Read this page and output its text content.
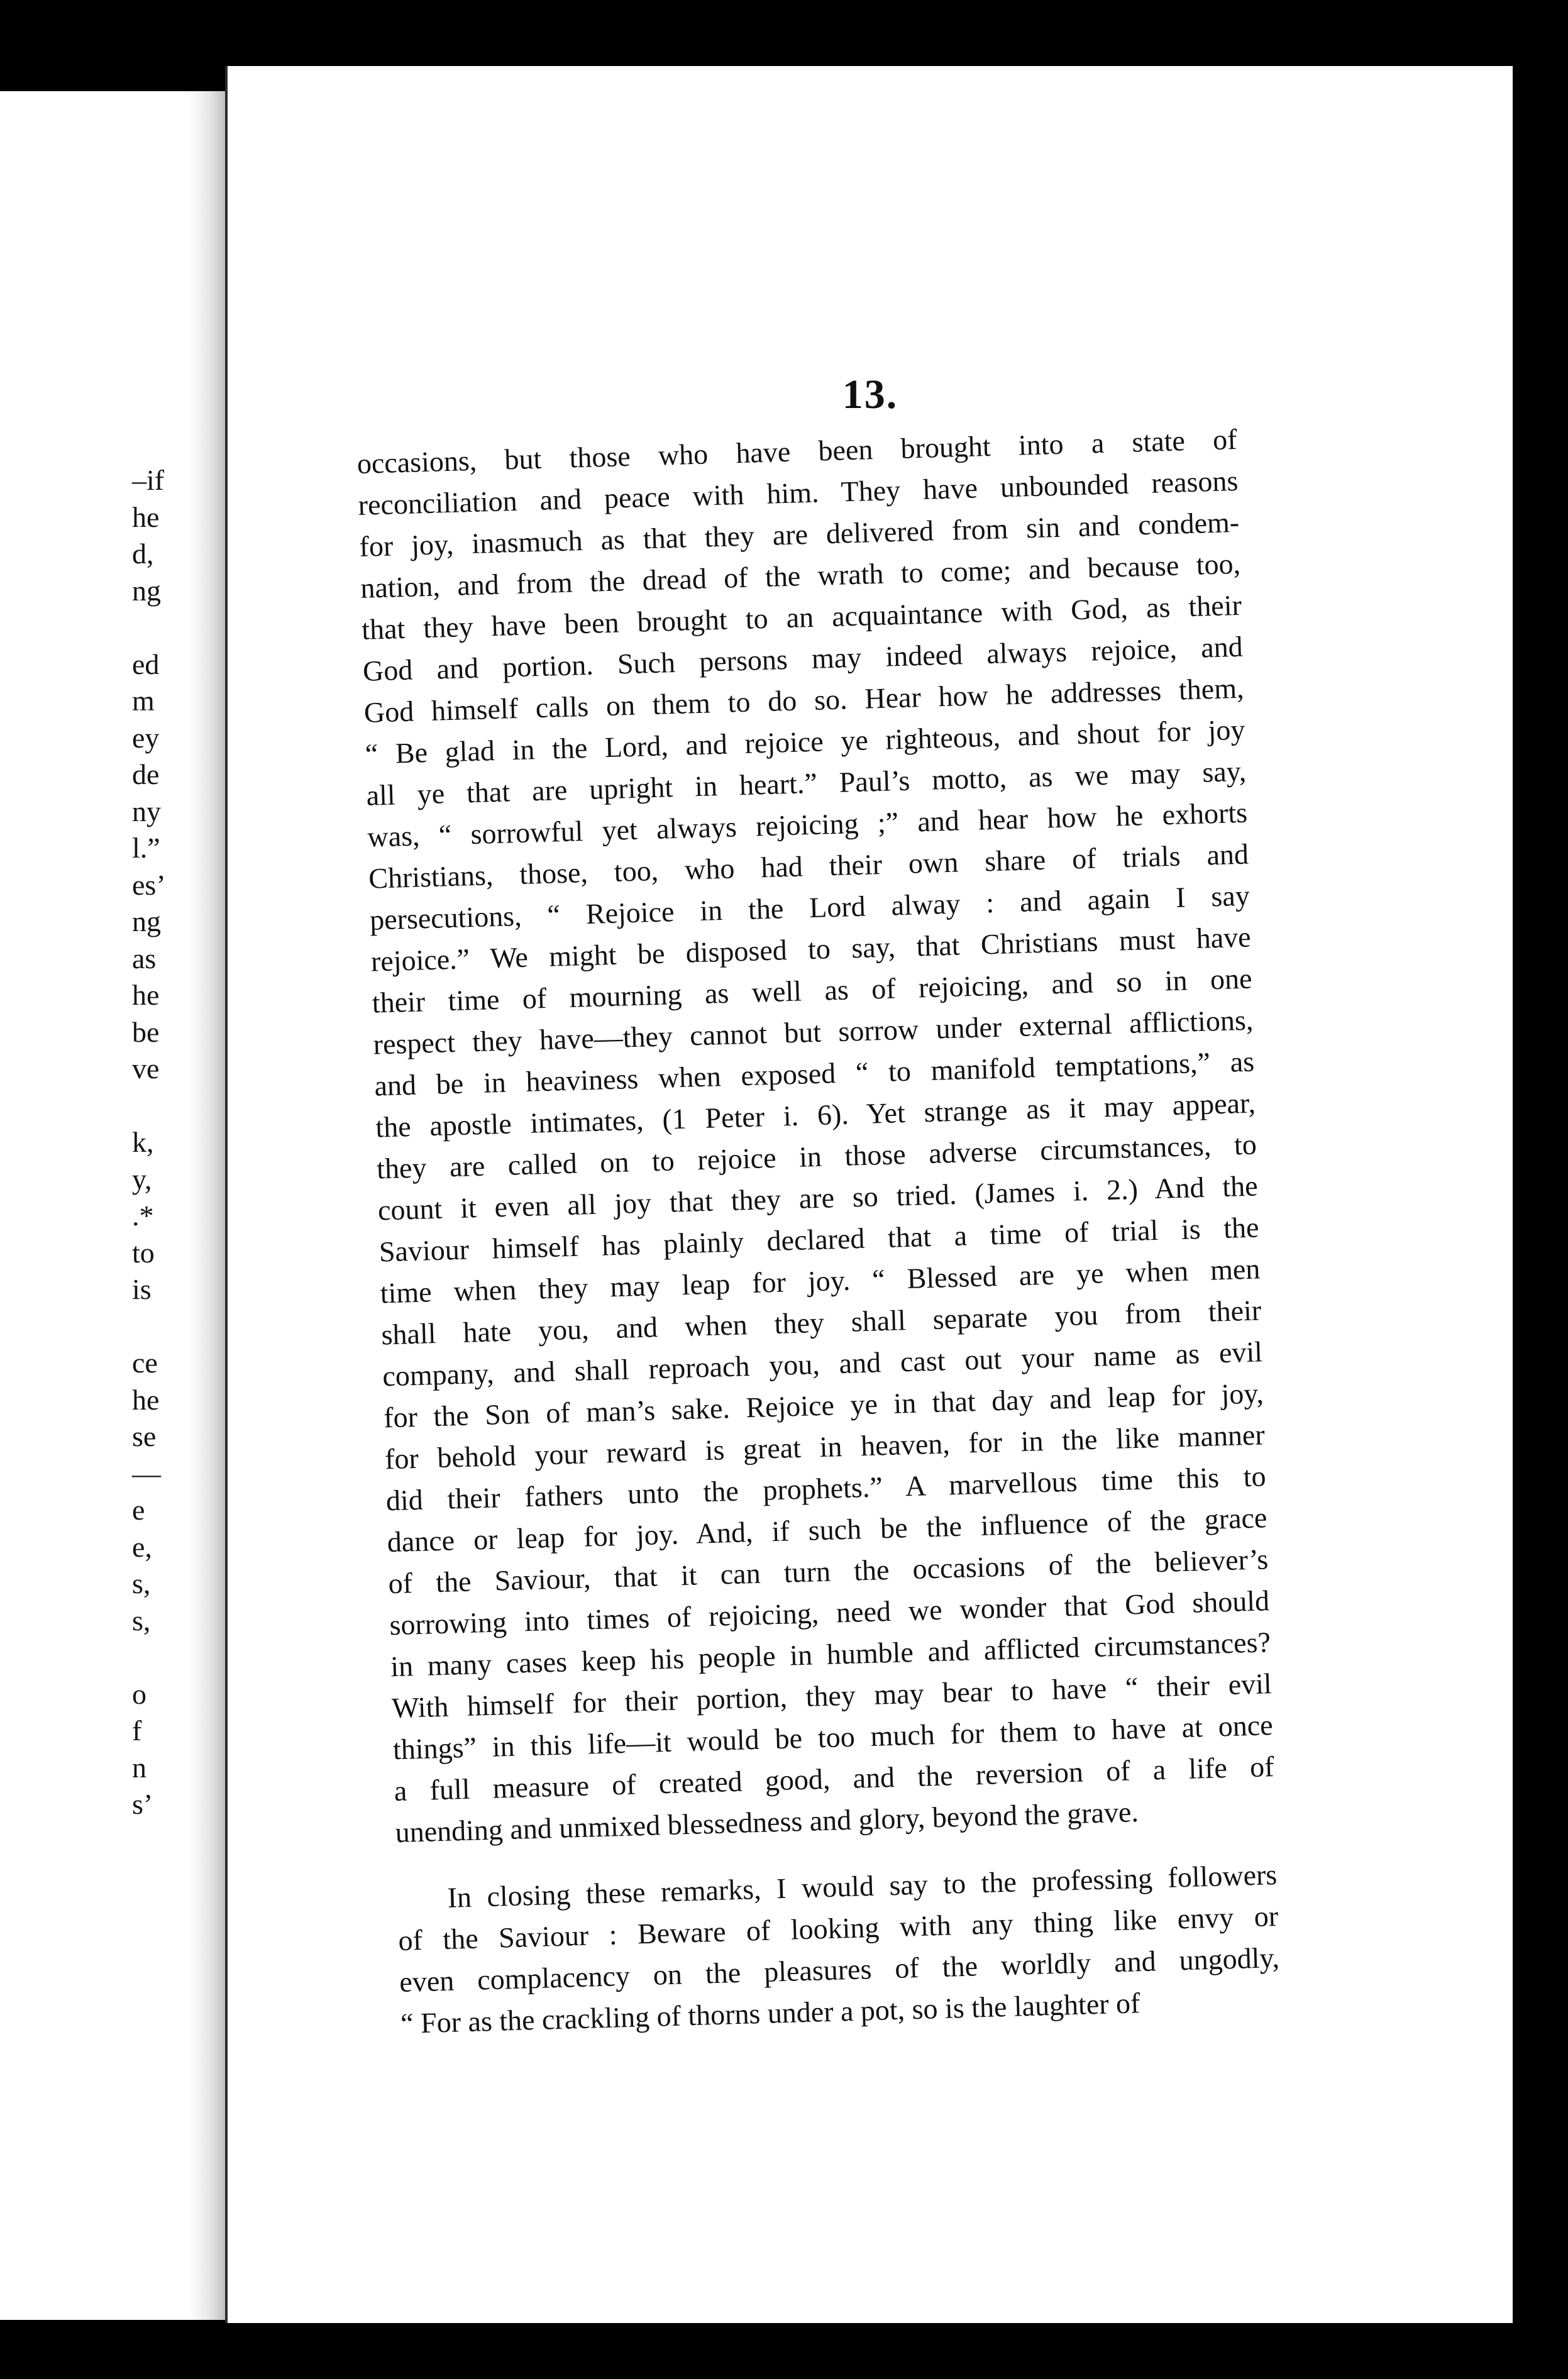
–if
he
d,
ng
ed
m
ey
de
ny
l.”
es’
ng
as
he
be
ve
k,
y,
.*
to
is
ce
he
se
—
e
e,
s,
s,
o
f
n
s’
13.
occasions, but those who have been brought into a state of
reconciliation and peace with him. They have unbounded reasons
for joy, inasmuch as that they are delivered from sin and condem-
nation, and from the dread of the wrath to come; and because too,
that they have been brought to an acquaintance with God, as their
God and portion. Such persons may indeed always rejoice, and
God himself calls on them to do so. Hear how he addresses them,
“ Be glad in the Lord, and rejoice ye righteous, and shout for joy
all ye that are upright in heart.” Paul’s motto, as we may say,
was, “ sorrowful yet always rejoicing ;” and hear how he exhorts
Christians, those, too, who had their own share of trials and
persecutions, “ Rejoice in the Lord alway : and again I say
rejoice.” We might be disposed to say, that Christians must have
their time of mourning as well as of rejoicing, and so in one
respect they have—they cannot but sorrow under external afflictions,
and be in heaviness when exposed “ to manifold temptations,” as
the apostle intimates, (1 Peter i. 6). Yet strange as it may appear,
they are called on to rejoice in those adverse circumstances, to
count it even all joy that they are so tried. (James i. 2.) And the
Saviour himself has plainly declared that a time of trial is the
time when they may leap for joy. “ Blessed are ye when men
shall hate you, and when they shall separate you from their
company, and shall reproach you, and cast out your name as evil
for the Son of man’s sake. Rejoice ye in that day and leap for joy,
for behold your reward is great in heaven, for in the like manner
did their fathers unto the prophets.” A marvellous time this to
dance or leap for joy. And, if such be the influence of the grace
of the Saviour, that it can turn the occasions of the believer’s
sorrowing into times of rejoicing, need we wonder that God should
in many cases keep his people in humble and afflicted circumstances?
With himself for their portion, they may bear to have “ their evil
things” in this life—it would be too much for them to have at once
a full measure of created good, and the reversion of a life of
unending and unmixed blessedness and glory, beyond the grave.
In closing these remarks, I would say to the professing followers
of the Saviour : Beware of looking with any thing like envy or
even complacency on the pleasures of the worldly and ungodly,
“ For as the crackling of thorns under a pot, so is the laughter of
